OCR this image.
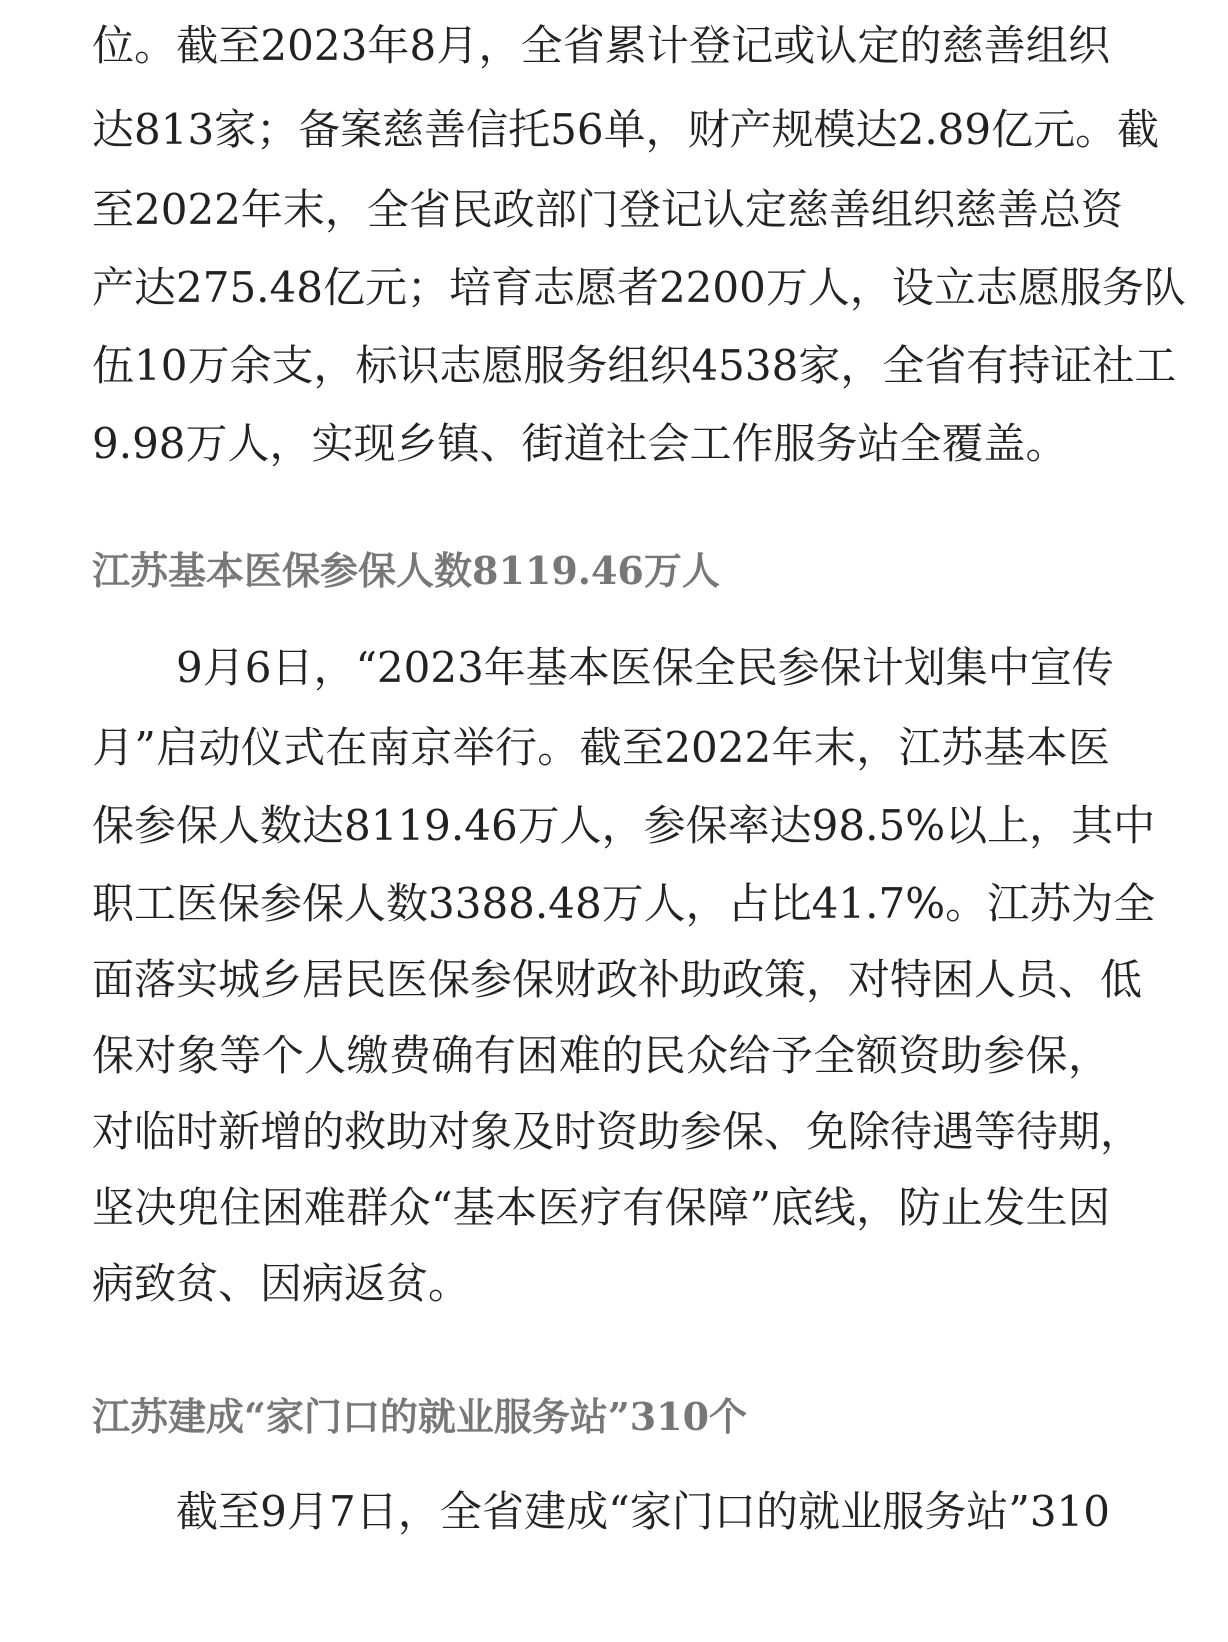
位。截至2023年8月，全省累计登记或认定的慈善组织
达813家；备案慈善信托56单，财产规模达2.89亿元。截
至2022年末，全省民政部门登记认定慈善组织慈善总资
产达275.48亿元；培育志愿者2200万人，设立志愿服务队
伍10万余支，标识志愿服务组织4538家，全省有持证社工
9.98万人，实现乡镇、街道社会工作服务站全覆盖。
江苏基本医保参保人数8119.46万人
9月6日，“2023年基本医保全民参保计划集中宣传
月”启动仪式在南京举行。截至2022年末，江苏基本医
保参保人数达8119.46万人，参保率达98.5%以上，其中
职工医保参保人数3388.48万人，占比41.7%。江苏为全
面落实城乡居民医保参保财政补助政策，对特困人员、低
保对象等个人缴费确有困难的民众给予全额资助参保，
对临时新增的救助对象及时资助参保、免除待遇等待期，
坚决兜住困难群众“基本医疗有保障”底线，防止发生因
病致贫、因病返贫。
江苏建成“家门口的就业服务站”310个
截至9月7日，全省建成“家门口的就业服务站”310
